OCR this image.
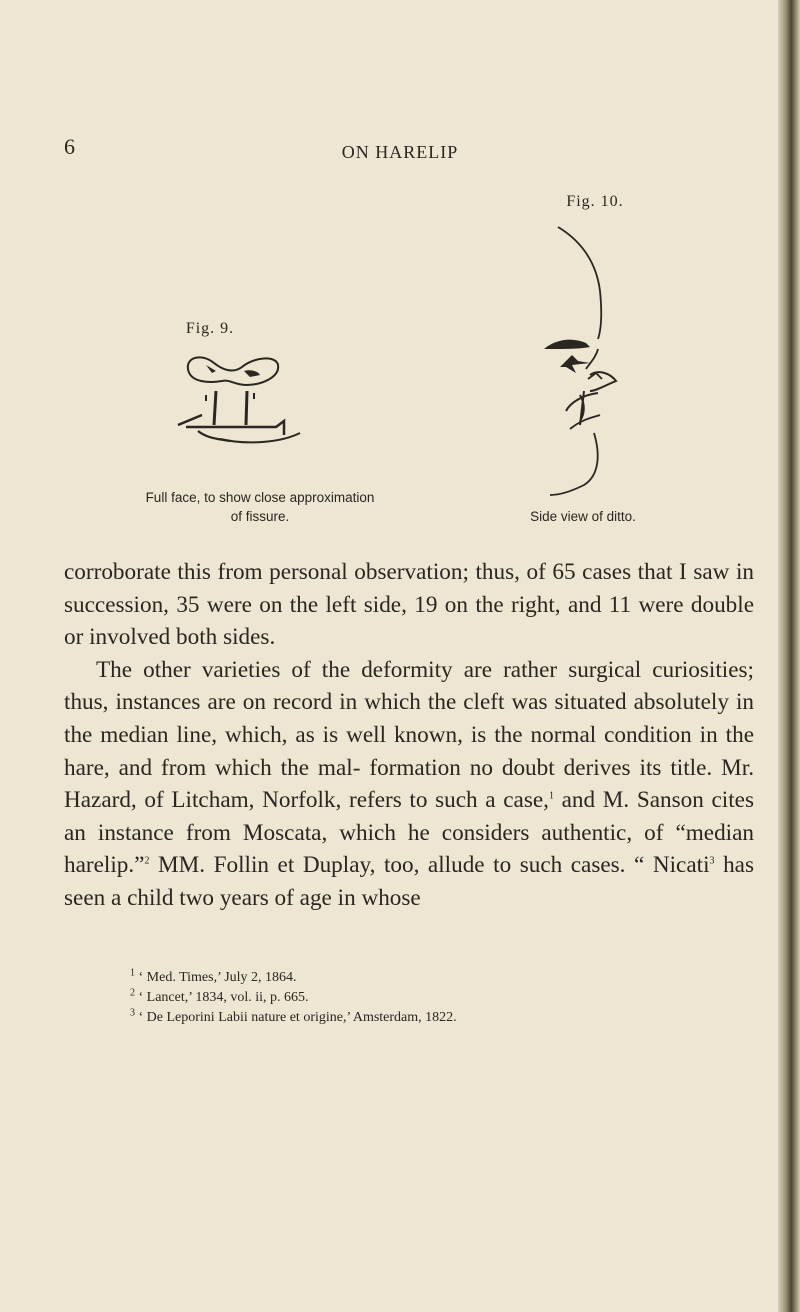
6	ON HARELIP
Fig. 9.
Full face, to show close approximation
of fissure.
Fig. 10.
Side view of ditto.

corroborate this from personal observation; thus, of 65 cases that I saw in succession, 35 were on the left side, 19 on the right, and 11 were double or involved both sides.

The other varieties of the deformity are rather surgical curiosities; thus, instances are on record in which the cleft was situated absolutely in the median line, which, as is well known, is the normal condition in the hare, and from which the mal- formation no doubt derives its title. Mr. Hazard, of Litcham, Norfolk, refers to such a case,$^1$ and M. Sanson cites an instance from Moscata, which he considers authentic, of “median harelip.”$^2$ MM. Follin et Duplay, too, allude to such cases. “ Nicati$^3$ has seen a child two years of age in whose

$^1$ ‘ Med. Times,’ July 2, 1864.
$^2$ ‘ Lancet,’ 1834, vol. ii, p. 665.
$^3$ ‘ De Leporini Labii nature et origine,’ Amsterdam, 1822.
